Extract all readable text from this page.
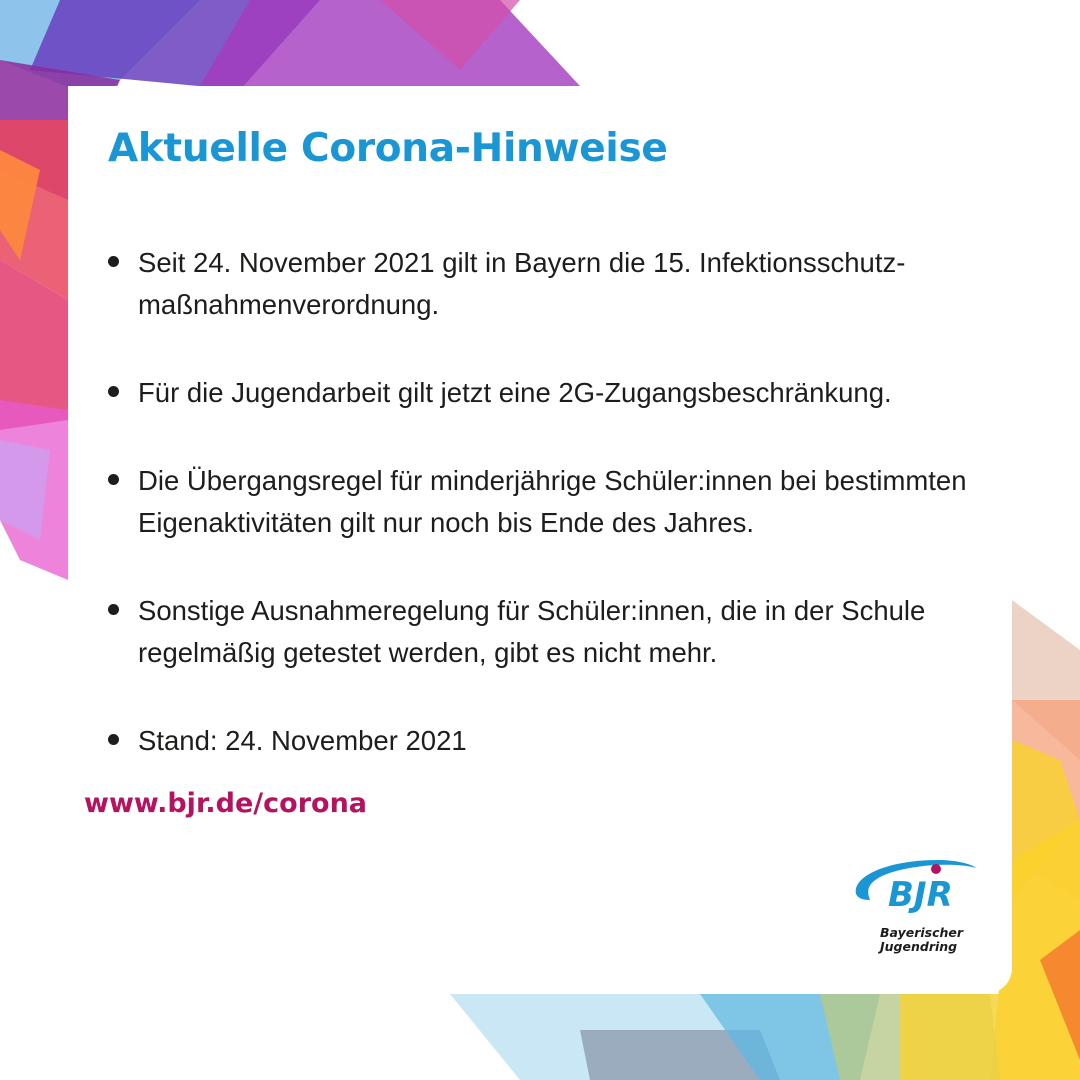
Aktuelle Corona-Hinweise
Seit 24. November 2021 gilt in Bayern die 15. Infektionsschutzmaßnahmenverordnung.
Für die Jugendarbeit gilt jetzt eine 2G-Zugangsbeschränkung.
Die Übergangsregel für minderjährige Schüler:innen bei bestimmten Eigenaktivitäten gilt nur noch bis Ende des Jahres.
Sonstige Ausnahmeregelung für Schüler:innen, die in der Schule regelmäßig getestet werden, gibt es nicht mehr.
Stand: 24. November 2021
www.bjr.de/corona
BJR
Bayerischer
Jugendring
